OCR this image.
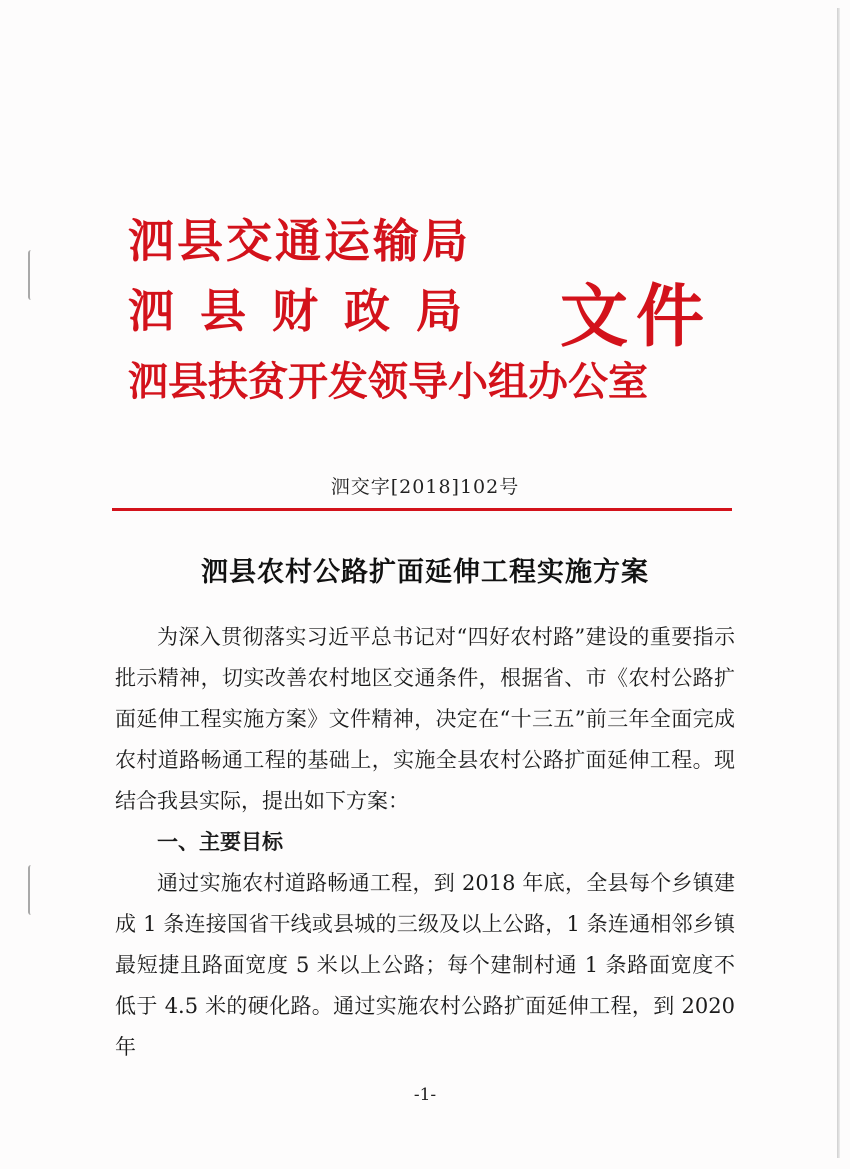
泗县交通运输局
泗县财政局
泗县扶贫开发领导小组办公室
文件
泗交字[2018]102号
泗县农村公路扩面延伸工程实施方案

为深入贯彻落实习近平总书记对“四好农村路”建设的重要指示批示精神，切实改善农村地区交通条件，根据省、市《农村公路扩面延伸工程实施方案》文件精神，决定在“十三五”前三年全面完成农村道路畅通工程的基础上，实施全县农村公路扩面延伸工程。现结合我县实际，提出如下方案：

一、主要目标

通过实施农村道路畅通工程，到 2018 年底，全县每个乡镇建成 1 条连接国省干线或县城的三级及以上公路，1 条连通相邻乡镇最短捷且路面宽度 5 米以上公路；每个建制村通 1 条路面宽度不低于 4.5 米的硬化路。通过实施农村公路扩面延伸工程，到 2020 年

-1-
